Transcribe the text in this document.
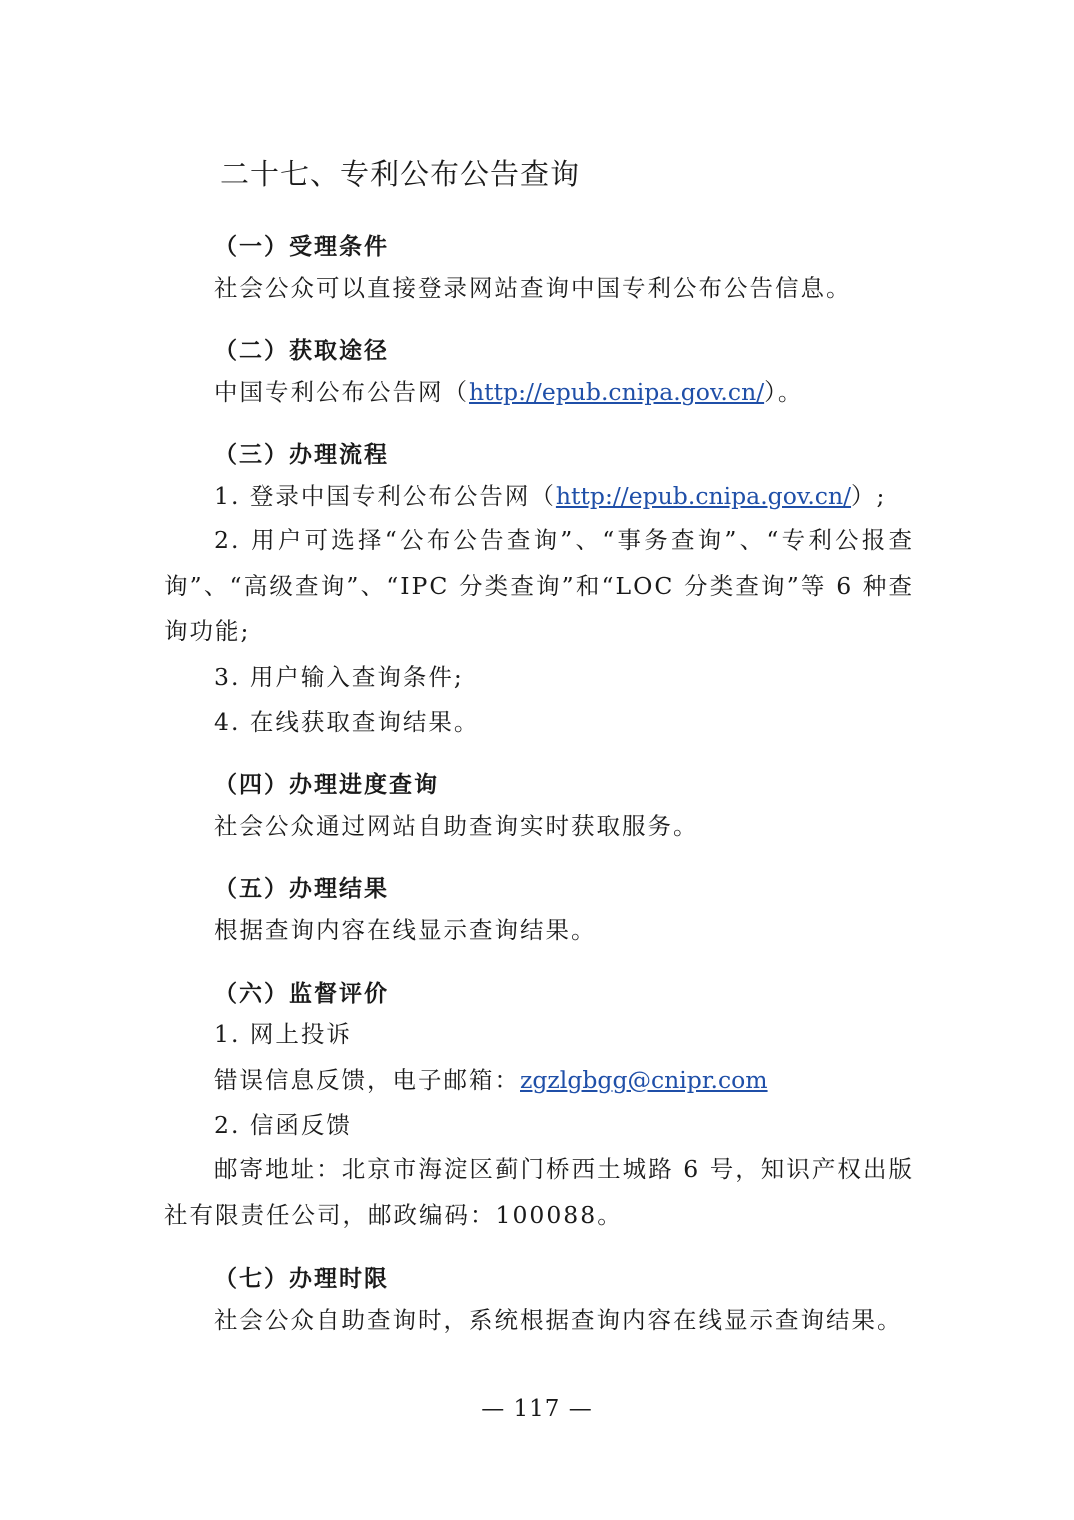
二十七、专利公布公告查询
（一）受理条件
社会公众可以直接登录网站查询中国专利公布公告信息。
（二）获取途径
中国专利公布公告网（http://epub.cnipa.gov.cn/）。
（三）办理流程
1. 登录中国专利公布公告网（http://epub.cnipa.gov.cn/）;
2. 用户可选择“公布公告查询”、“事务查询”、“专利公报查询”、“高级查询”、“IPC 分类查询”和“LOC 分类查询”等 6 种查询功能;
3. 用户输入查询条件;
4. 在线获取查询结果。
（四）办理进度查询
社会公众通过网站自助查询实时获取服务。
（五）办理结果
根据查询内容在线显示查询结果。
（六）监督评价
1. 网上投诉
错误信息反馈，电子邮箱：zgzlgbgg@cnipr.com
2. 信函反馈
邮寄地址：北京市海淀区蓟门桥西土城路 6 号，知识产权出版社有限责任公司，邮政编码：100088。
（七）办理时限
社会公众自助查询时，系统根据查询内容在线显示查询结果。
— 117 —
